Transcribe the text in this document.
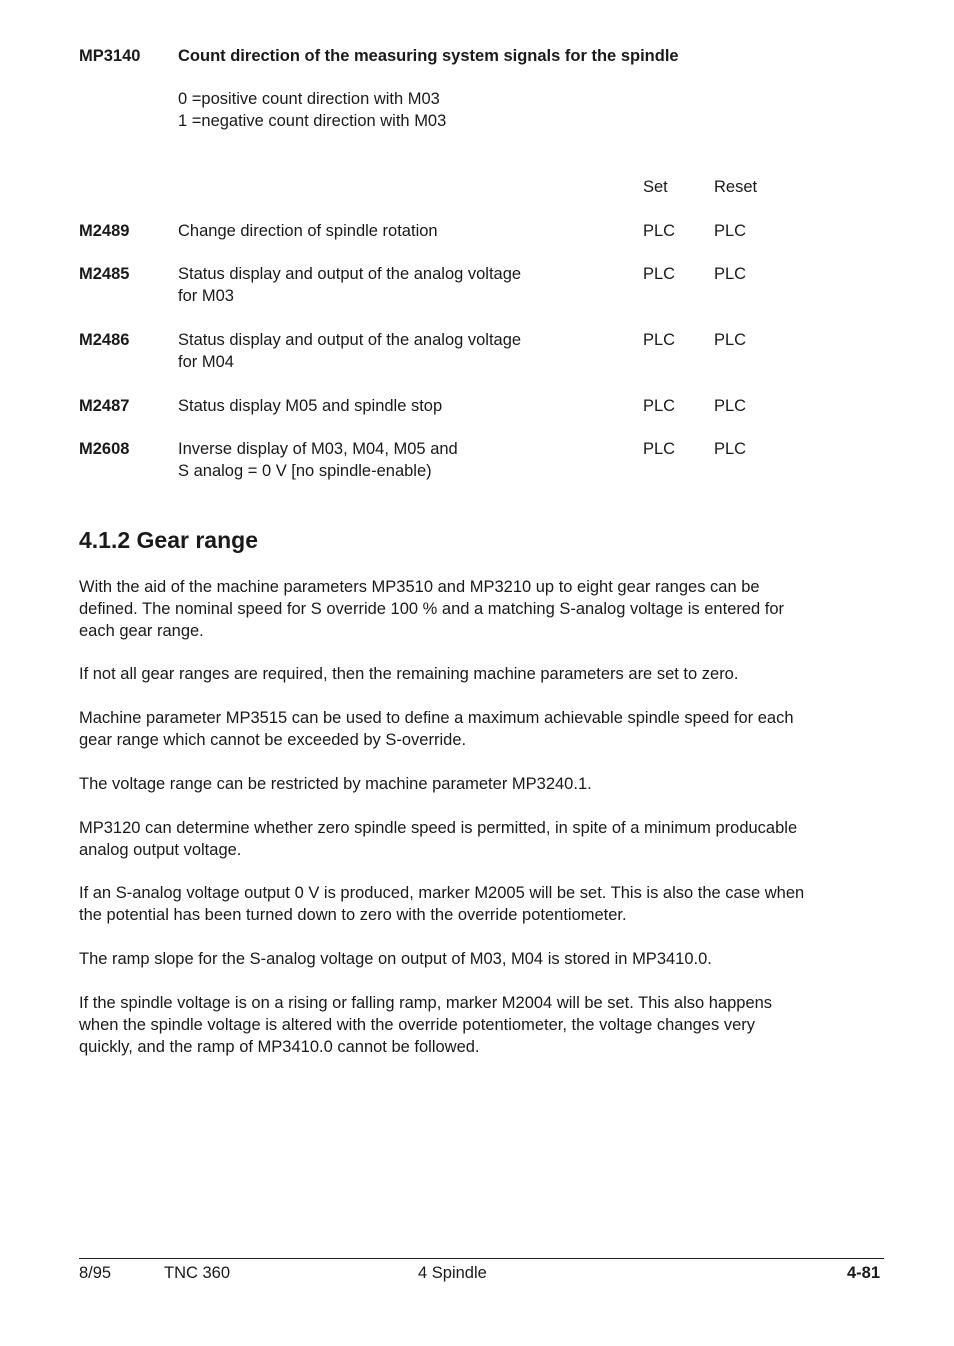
MP3140 Count direction of the measuring system signals for the spindle
0 =positive count direction with M03
1 =negative count direction with M03
Set	Reset
M2489	Change direction of spindle rotation	PLC PLC
M2485	Status display and output of the analog voltage
for M03
PLC PLC
M2486	Status display and output of the analog voltage
for M04
PLC PLC
M2487	Status display M05 and spindle stop	PLC PLC
M2608	Inverse display of M03, M04, M05 and
S analog = 0 V [no spindle-enable)
PLC PLC
4.1.2 Gear range
With the aid of the machine parameters MP3510 and MP3210 up to eight gear ranges can be
defined. The nominal speed for S override 100 % and a matching S-analog voltage is entered for
each gear range.
If not all gear ranges are required, then the remaining machine parameters are set to zero.
Machine parameter MP3515 can be used to define a maximum achievable spindle speed for each
gear range which cannot be exceeded by S-override.
The voltage range can be restricted by machine parameter MP3240.1.
MP3120 can determine whether zero spindle speed is permitted, in spite of a minimum producable
analog output voltage.
If an S-analog voltage output 0 V is produced, marker M2005 will be set. This is also the case when
the potential has been turned down to zero with the override potentiometer.
The ramp slope for the S-analog voltage on output of M03, M04 is stored in MP3410.0.
If the spindle voltage is on a rising or falling ramp, marker M2004 will be set. This also happens
when the spindle voltage is altered with the override potentiometer, the voltage changes very
quickly, and the ramp of MP3410.0 cannot be followed.
8/95	TNC 360	4 Spindle	4-81
